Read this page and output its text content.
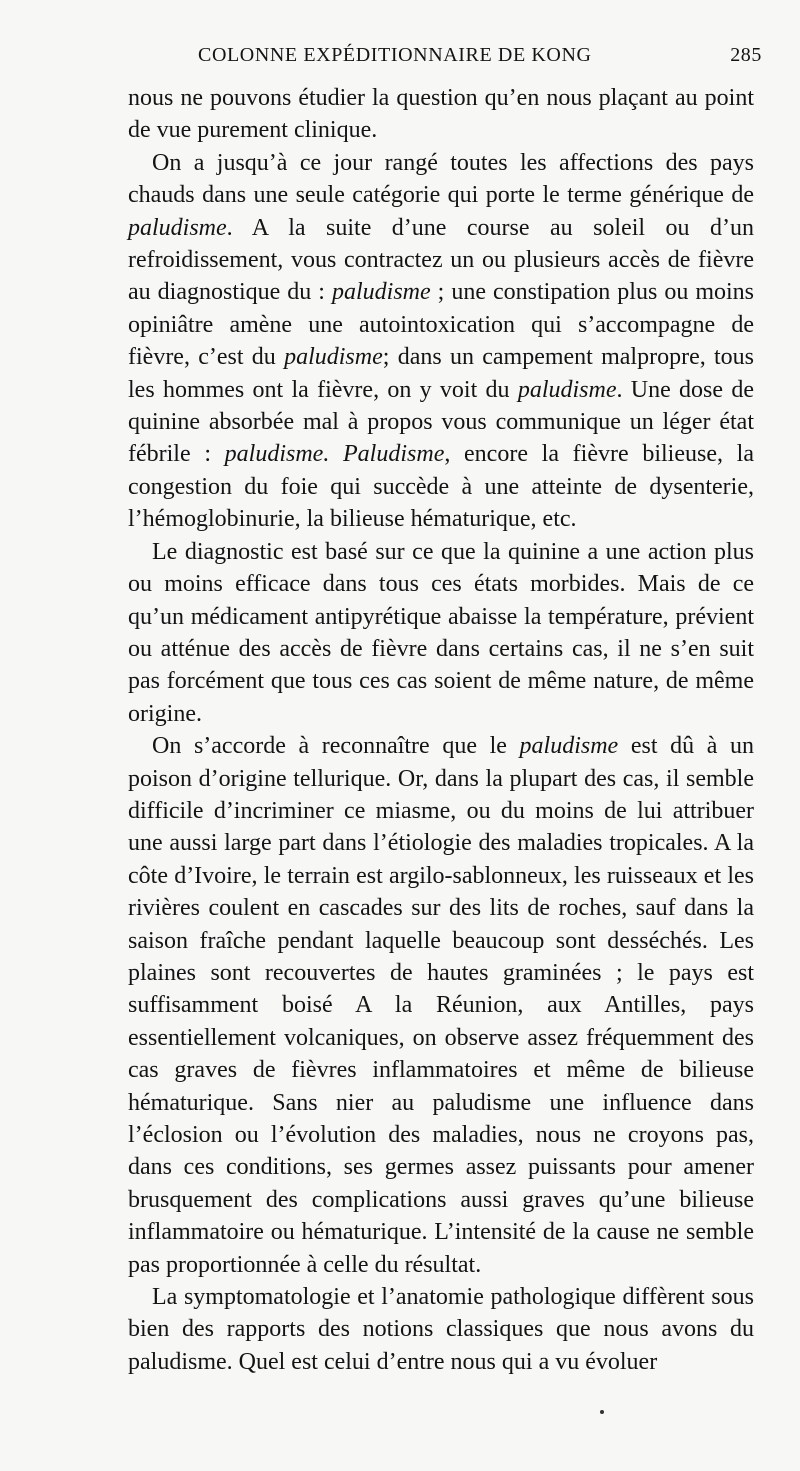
COLONNE EXPÉDITIONNAIRE DE KONG	285

nous ne pouvons étudier la question qu’en nous plaçant au point de vue purement clinique.

On a jusqu’à ce jour rangé toutes les affections des pays chauds dans une seule catégorie qui porte le terme générique de paludisme. A la suite d’une course au soleil ou d’un refroidissement, vous contractez un ou plusieurs accès de fièvre au diagnostique du : paludisme ; une constipation plus ou moins opiniâtre amène une autointoxication qui s’accompagne de fièvre, c’est du paludisme; dans un campement malpropre, tous les hommes ont la fièvre, on y voit du paludisme. Une dose de quinine absorbée mal à propos vous communique un léger état fébrile : paludisme. Paludisme, encore la fièvre bilieuse, la congestion du foie qui succède à une atteinte de dysenterie, l’hémoglobinurie, la bilieuse hématurique, etc.

Le diagnostic est basé sur ce que la quinine a une action plus ou moins efficace dans tous ces états morbides. Mais de ce qu’un médicament antipyrétique abaisse la température, prévient ou atténue des accès de fièvre dans certains cas, il ne s’en suit pas forcément que tous ces cas soient de même nature, de même origine.

On s’accorde à reconnaître que le paludisme est dû à un poison d’origine tellurique. Or, dans la plupart des cas, il semble difficile d’incriminer ce miasme, ou du moins de lui attribuer une aussi large part dans l’étiologie des maladies tropicales. A la côte d’Ivoire, le terrain est argilo-sablonneux, les ruisseaux et les rivières coulent en cascades sur des lits de roches, sauf dans la saison fraîche pendant laquelle beaucoup sont desséchés. Les plaines sont recouvertes de hautes graminées ; le pays est suffisamment boisé A la Réunion, aux Antilles, pays essentiellement volcaniques, on observe assez fréquemment des cas graves de fièvres inflammatoires et même de bilieuse hématurique. Sans nier au paludisme une influence dans l’éclosion ou l’évolution des maladies, nous ne croyons pas, dans ces conditions, ses germes assez puissants pour amener brusquement des complications aussi graves qu’une bilieuse inflammatoire ou hématurique. L’intensité de la cause ne semble pas proportionnée à celle du résultat.

La symptomatologie et l’anatomie pathologique diffèrent sous bien des rapports des notions classiques que nous avons du paludisme. Quel est celui d’entre nous qui a vu évoluer
